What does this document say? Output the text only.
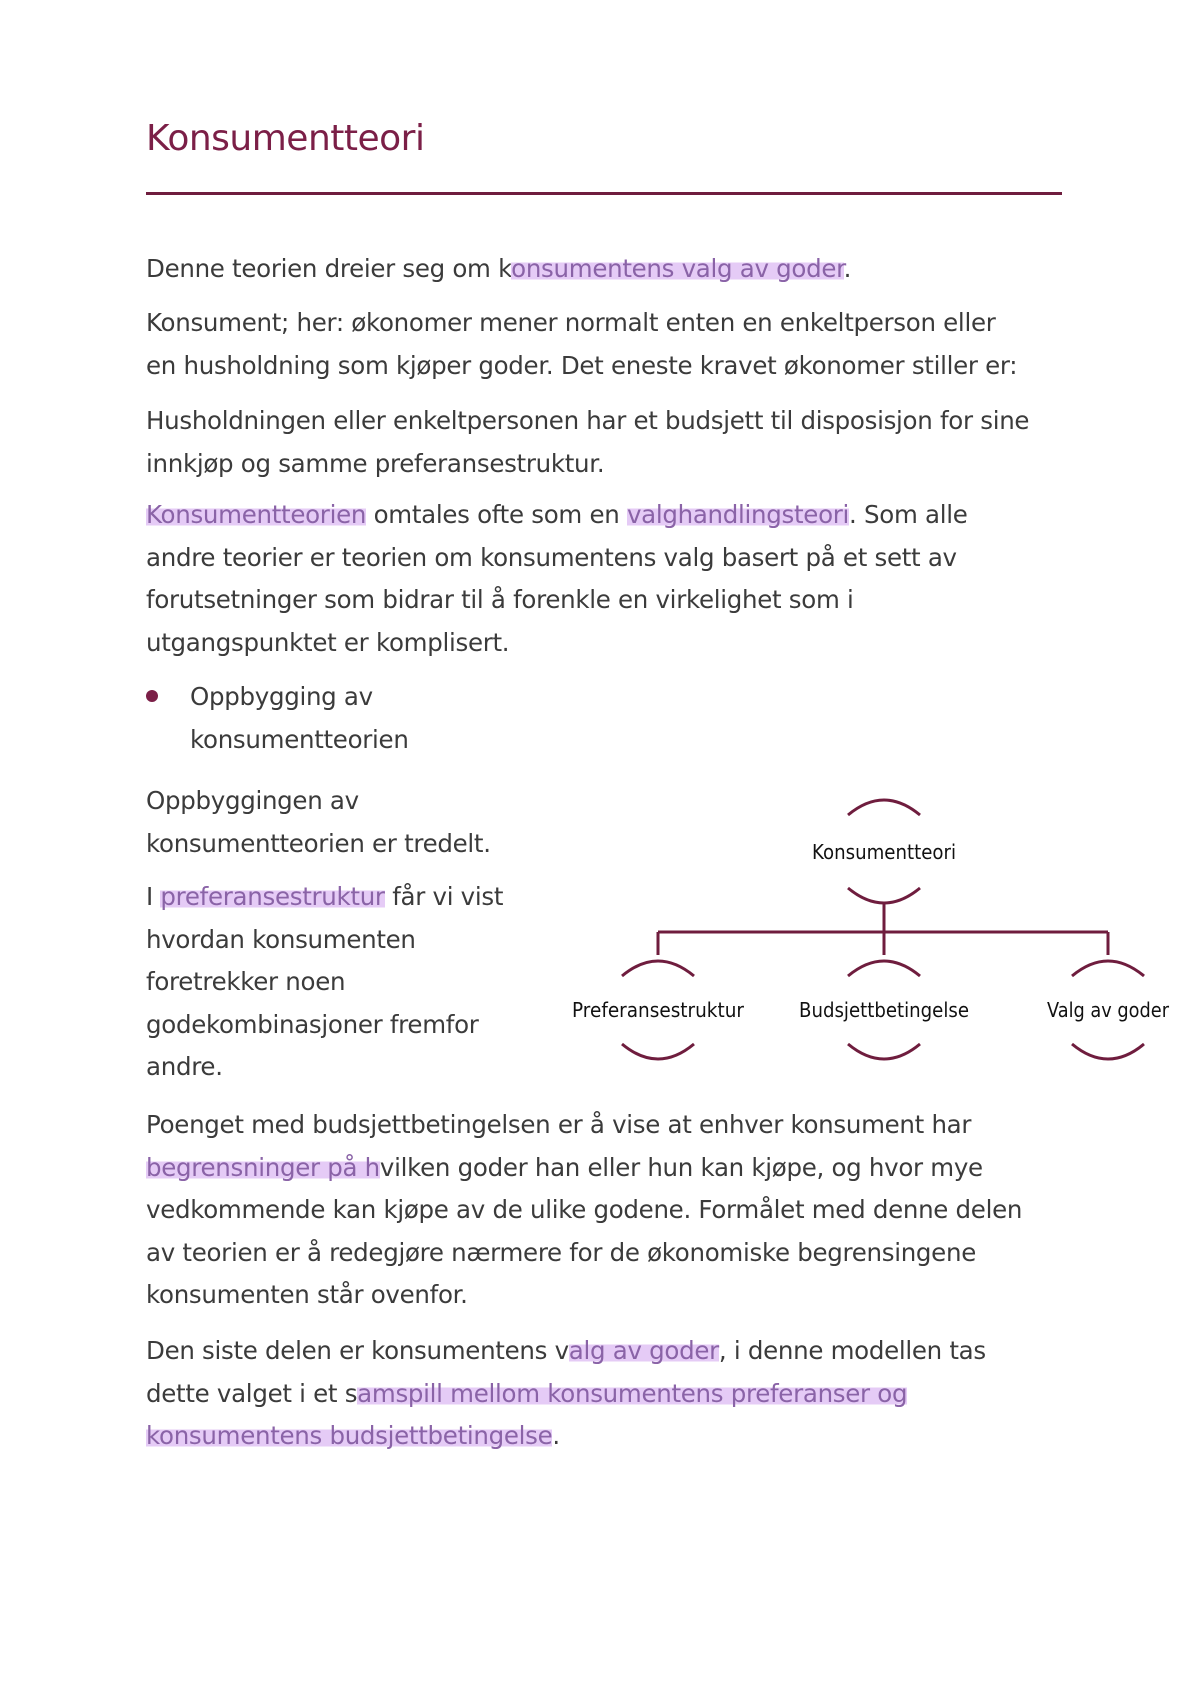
Konsumentteori

Denne teorien dreier seg om konsumentens valg av goder.

Konsument; her: økonomer mener normalt enten en enkeltperson eller
en husholdning som kjøper goder. Det eneste kravet økonomer stiller er:

Husholdningen eller enkeltpersonen har et budsjett til disposisjon for sine
innkjøp og samme preferansestruktur.

Konsumentteorien omtales ofte som en valghandlingsteori. Som alle
andre teorier er teorien om konsumentens valg basert på et sett av
forutsetninger som bidrar til å forenkle en virkelighet som i
utgangspunktet er komplisert.

Oppbygging av
konsumentteorien

Oppbyggingen av
konsumentteorien er tredelt.

I preferansestruktur får vi vist
hvordan konsumenten
foretrekker noen
godekombinasjoner fremfor
andre.

Konsumentteori
Preferansestruktur	Budsjettbetingelse	Valg av goder

Poenget med budsjettbetingelsen er å vise at enhver konsument har
begrensninger på hvilken goder han eller hun kan kjøpe, og hvor mye
vedkommende kan kjøpe av de ulike godene. Formålet med denne delen
av teorien er å redegjøre nærmere for de økonomiske begrensingene
konsumenten står ovenfor.

Den siste delen er konsumentens valg av goder, i denne modellen tas
dette valget i et samspill mellom konsumentens preferanser og
konsumentens budsjettbetingelse.
